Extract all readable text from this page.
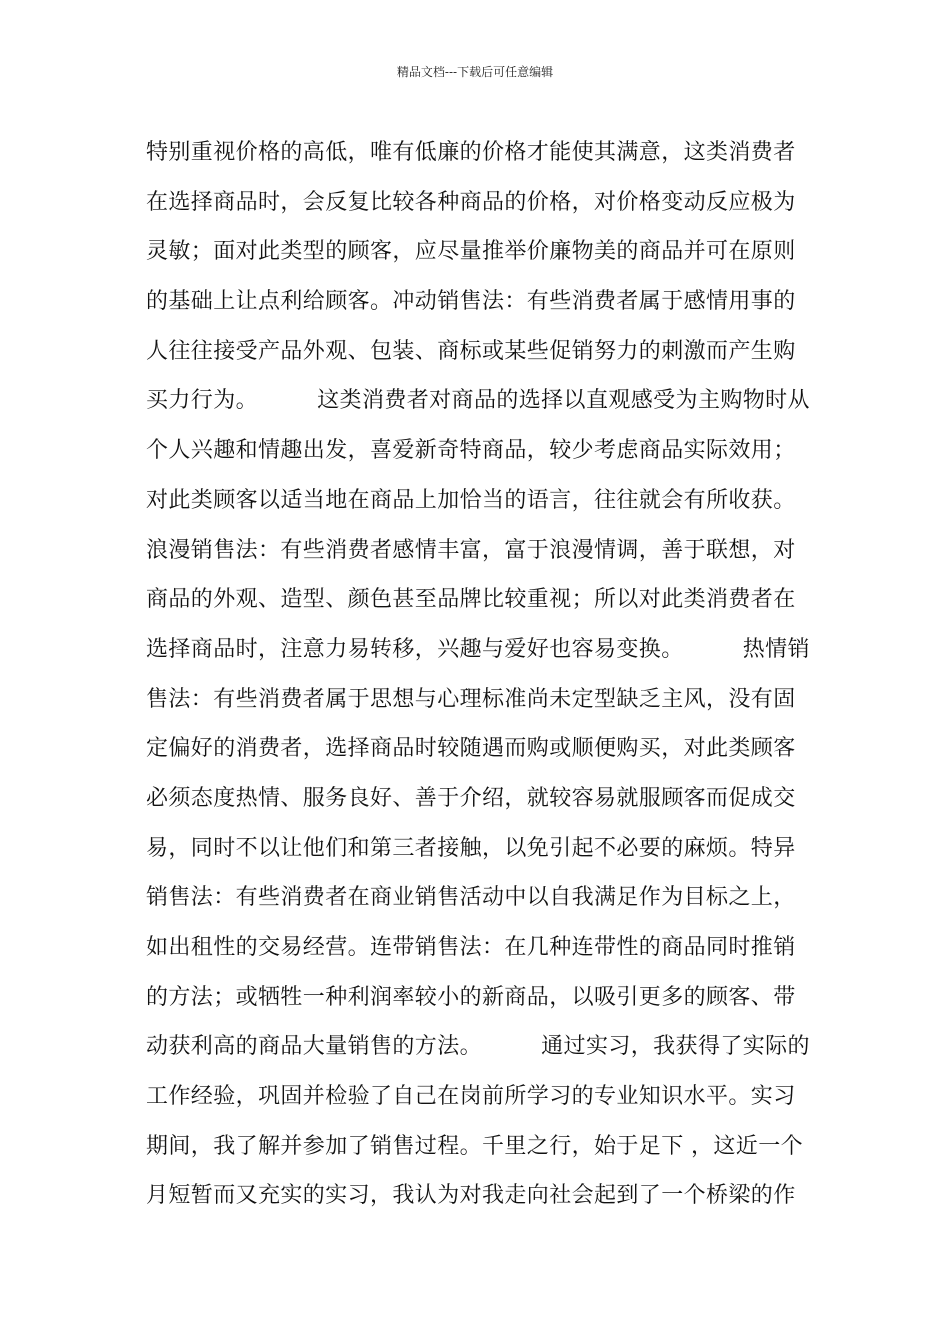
精品文档---下载后可任意编辑
特别重视价格的高低，唯有低廉的价格才能使其满意，这类消费者
在选择商品时，会反复比较各种商品的价格，对价格变动反应极为
灵敏；面对此类型的顾客，应尽量推举价廉物美的商品并可在原则
的基础上让点利给顾客。冲动销售法：有些消费者属于感情用事的
人往往接受产品外观、包装、商标或某些促销努力的刺激而产生购
买力行为。        这类消费者对商品的选择以直观感受为主购物时从
个人兴趣和情趣出发，喜爱新奇特商品，较少考虑商品实际效用；
对此类顾客以适当地在商品上加恰当的语言，往往就会有所收获。
浪漫销售法：有些消费者感情丰富，富于浪漫情调，善于联想，对
商品的外观、造型、颜色甚至品牌比较重视；所以对此类消费者在
选择商品时，注意力易转移，兴趣与爱好也容易变换。        热情销
售法：有些消费者属于思想与心理标准尚未定型缺乏主风，没有固
定偏好的消费者，选择商品时较随遇而购或顺便购买，对此类顾客
必须态度热情、服务良好、善于介绍，就较容易就服顾客而促成交
易，同时不以让他们和第三者接触，以免引起不必要的麻烦。特异
销售法：有些消费者在商业销售活动中以自我满足作为目标之上，
如出租性的交易经营。连带销售法：在几种连带性的商品同时推销
的方法；或牺牲一种利润率较小的新商品，以吸引更多的顾客、带
动获利高的商品大量销售的方法。        通过实习，我获得了实际的
工作经验，巩固并检验了自己在岗前所学习的专业知识水平。实习
期间，我了解并参加了销售过程。千里之行，始于足下 ，这近一个
月短暂而又充实的实习，我认为对我走向社会起到了一个桥梁的作
